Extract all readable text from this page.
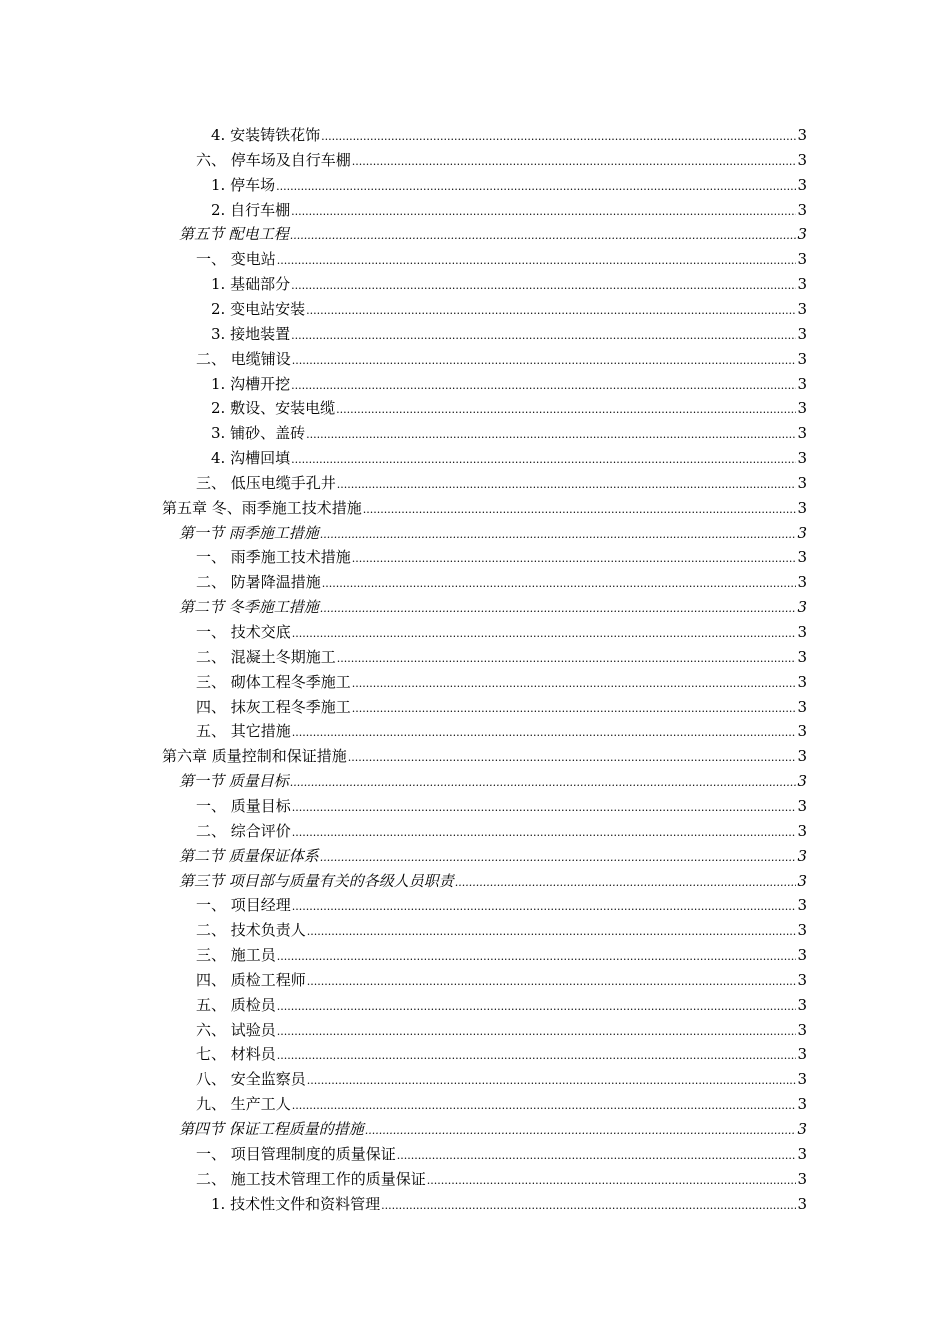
4. 安装铸铁花饰 .....	3
六、 停车场及自行车棚 .....	3
1. 停车场 .....	3
2. 自行车棚 .....	3
第五节 配电工程 .....	3
一、 变电站 .....	3
1. 基础部分 .....	3
2. 变电站安装 .....	3
3. 接地装置 .....	3
二、 电缆铺设 .....	3
1. 沟槽开挖 .....	3
2. 敷设、安装电缆 .....	3
3. 铺砂、盖砖 .....	3
4. 沟槽回填 .....	3
三、 低压电缆手孔井 .....	3
第五章 冬、雨季施工技术措施 .....	3
第一节 雨季施工措施 .....	3
一、 雨季施工技术措施 .....	3
二、 防暑降温措施 .....	3
第二节 冬季施工措施 .....	3
一、 技术交底 .....	3
二、 混凝土冬期施工 .....	3
三、 砌体工程冬季施工 .....	3
四、 抹灰工程冬季施工 .....	3
五、 其它措施 .....	3
第六章 质量控制和保证措施 .....	3
第一节 质量目标 .....	3
一、 质量目标 .....	3
二、 综合评价 .....	3
第二节 质量保证体系 .....	3
第三节 项目部与质量有关的各级人员职责 .....	3
一、 项目经理 .....	3
二、 技术负责人 .....	3
三、 施工员 .....	3
四、 质检工程师 .....	3
五、 质检员 .....	3
六、 试验员 .....	3
七、 材料员 .....	3
八、 安全监察员 .....	3
九、 生产工人 .....	3
第四节 保证工程质量的措施 .....	3
一、 项目管理制度的质量保证 .....	3
二、 施工技术管理工作的质量保证 .....	3
1. 技术性文件和资料管理 .....	3
